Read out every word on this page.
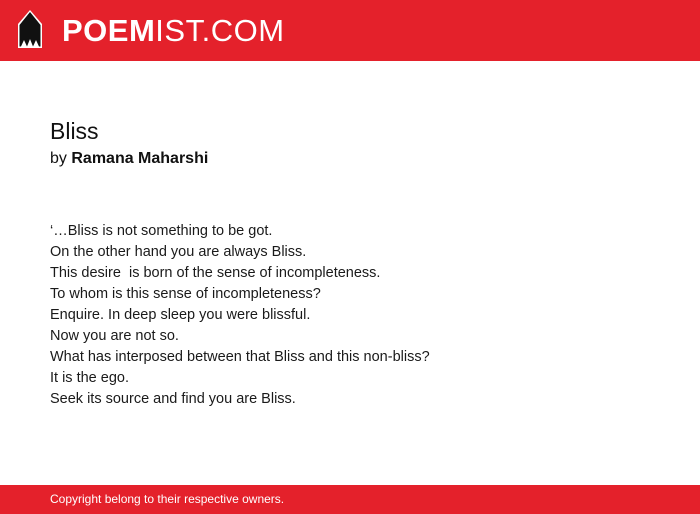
POEMIST.COM
Bliss
by Ramana Maharshi
‘…Bliss is not something to be got.
On the other hand you are always Bliss.
This desire  is born of the sense of incompleteness.
To whom is this sense of incompleteness?
Enquire. In deep sleep you were blissful.
Now you are not so.
What has interposed between that Bliss and this non-bliss?
It is the ego.
Seek its source and find you are Bliss.
Copyright belong to their respective owners.
